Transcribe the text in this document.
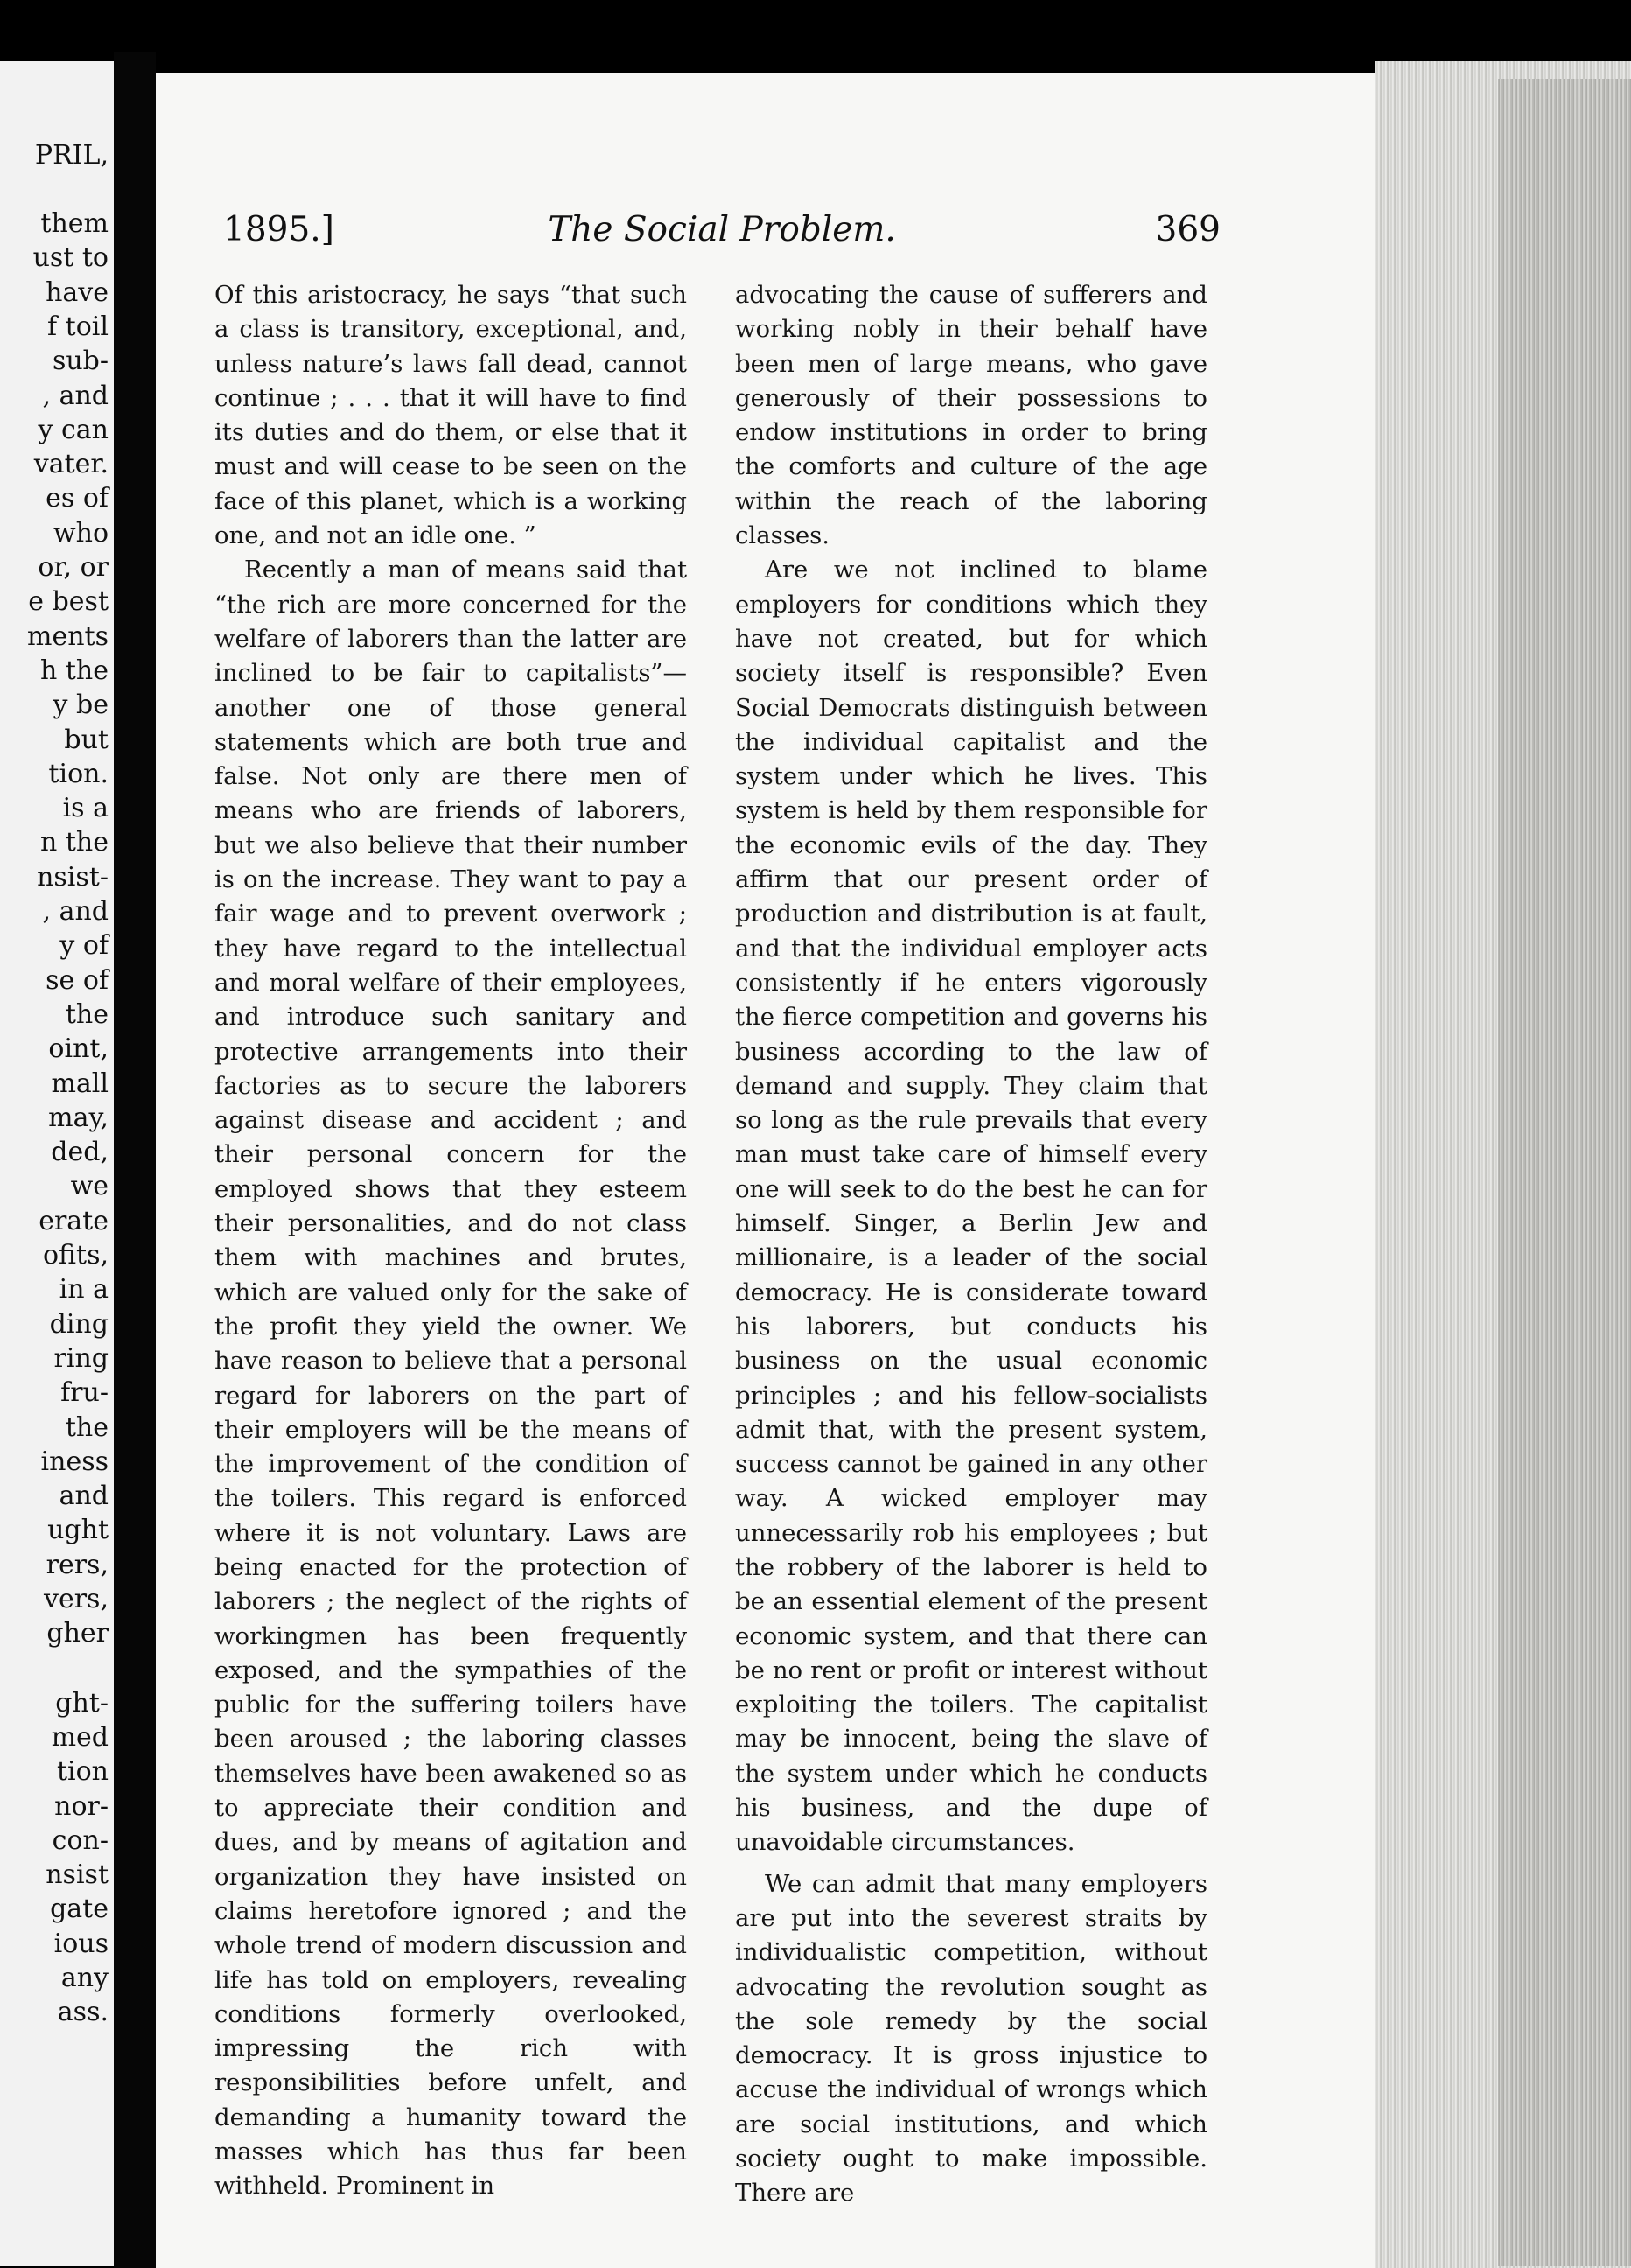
PRIL,
them
ust to
have
f toil
sub-
, and
y can
vater.
es of
who
or, or
e best
ments
h the
y be
but
tion.
is a
n the
nsist-
, and
y of
se of
the
oint,
mall
may,
ded,
we
erate
ofits,
in a
ding
ring
fru-
the
iness
and
ught
rers,
vers,
gher
ght-
med
tion
nor-
con-
nsist
gate
ious
any
ass.
1895.]	The Social Problem.	369

Of this aristocracy, he says “that such a class is transitory, exceptional, and, unless nature’s laws fall dead, cannot continue ; . . . that it will have to find its duties and do them, or else that it must and will cease to be seen on the face of this planet, which is a working one, and not an idle one. ”

Recently a man of means said that “the rich are more concerned for the welfare of laborers than the latter are inclined to be fair to capitalists”—another one of those general statements which are both true and false. Not only are there men of means who are friends of laborers, but we also believe that their number is on the increase. They want to pay a fair wage and to prevent overwork ; they have regard to the intellectual and moral welfare of their employees, and introduce such sanitary and protective arrangements into their factories as to secure the laborers against disease and accident ; and their personal concern for the employed shows that they esteem their personalities, and do not class them with machines and brutes, which are valued only for the sake of the profit they yield the owner. We have reason to believe that a personal regard for laborers on the part of their employers will be the means of the improvement of the condition of the toilers. This regard is enforced where it is not voluntary. Laws are being enacted for the protection of laborers ; the neglect of the rights of workingmen has been frequently exposed, and the sympathies of the public for the suffering toilers have been aroused ; the laboring classes themselves have been awakened so as to appreciate their condition and dues, and by means of agitation and organization they have insisted on claims heretofore ignored ; and the whole trend of modern discussion and life has told on employers, revealing conditions formerly overlooked, impressing the rich with responsibilities before unfelt, and demanding a humanity toward the masses which has thus far been withheld. Prominent in

advocating the cause of sufferers and working nobly in their behalf have been men of large means, who gave generously of their possessions to endow institutions in order to bring the comforts and culture of the age within the reach of the laboring classes.

Are we not inclined to blame employers for conditions which they have not created, but for which society itself is responsible? Even Social Democrats distinguish between the individual capitalist and the system under which he lives. This system is held by them responsible for the economic evils of the day. They affirm that our present order of production and distribution is at fault, and that the individual employer acts consistently if he enters vigorously the fierce competition and governs his business according to the law of demand and supply. They claim that so long as the rule prevails that every man must take care of himself every one will seek to do the best he can for himself. Singer, a Berlin Jew and millionaire, is a leader of the social democracy. He is considerate toward his laborers, but conducts his business on the usual economic principles ; and his fellow-socialists admit that, with the present system, success cannot be gained in any other way. A wicked employer may unnecessarily rob his employees ; but the robbery of the laborer is held to be an essential element of the present economic system, and that there can be no rent or profit or interest without exploiting the toilers. The capitalist may be innocent, being the slave of the system under which he conducts his business, and the dupe of unavoidable circumstances.

We can admit that many employers are put into the severest straits by individualistic competition, without advocating the revolution sought as the sole remedy by the social democracy. It is gross injustice to accuse the individual of wrongs which are social institutions, and which society ought to make impossible. There are
